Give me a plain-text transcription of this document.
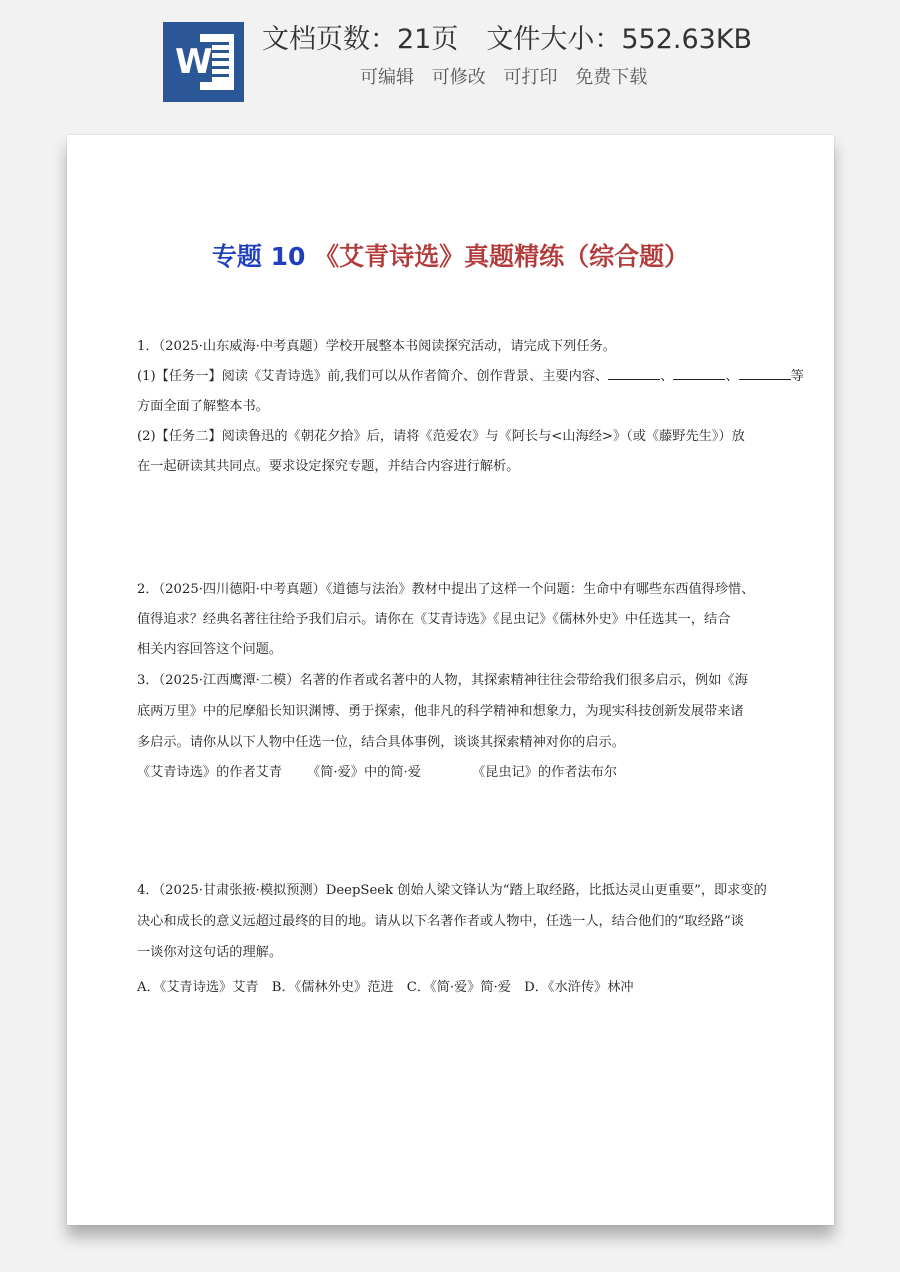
W
文档页数：21页 文件大小：552.63KB
可编辑 可修改 可打印 免费下载
专题 10 《艾青诗选》真题精练（综合题）
1．（2025·山东威海·中考真题）学校开展整本书阅读探究活动，请完成下列任务。
(1)【任务一】阅读《艾青诗选》前,我们可以从作者简介、创作背景、主要内容、	、	、	等
方面全面了解整本书。
(2)【任务二】阅读鲁迅的《朝花夕拾》后，请将《范爱农》与《阿长与<山海经>》（或《藤野先生》）放
在一起研读其共同点。要求设定探究专题，并结合内容进行解析。
2．（2025·四川德阳·中考真题）《道德与法治》教材中提出了这样一个问题：生命中有哪些东西值得珍惜、
值得追求？经典名著往往给予我们启示。请你在《艾青诗选》《昆虫记》《儒林外史》中任选其一，结合
相关内容回答这个问题。
3．（2025·江西鹰潭·二模）名著的作者或名著中的人物，其探索精神往往会带给我们很多启示，例如《海
底两万里》中的尼摩船长知识渊博、勇于探索，他非凡的科学精神和想象力，为现实科技创新发展带来诸
多启示。请你从以下人物中任选一位，结合具体事例，谈谈其探索精神对你的启示。
《艾青诗选》的作者艾青 《简·爱》中的简·爱	《昆虫记》的作者法布尔
4．（2025·甘肃张掖·模拟预测）DeepSeek 创始人梁文锋认为“踏上取经路，比抵达灵山更重要”，即求变的
决心和成长的意义远超过最终的目的地。请从以下名著作者或人物中，任选一人，结合他们的“取经路”谈
一谈你对这句话的理解。
A．《艾青诗选》艾青　B．《儒林外史》范进　C．《简·爱》简·爱　D．《水浒传》林冲
